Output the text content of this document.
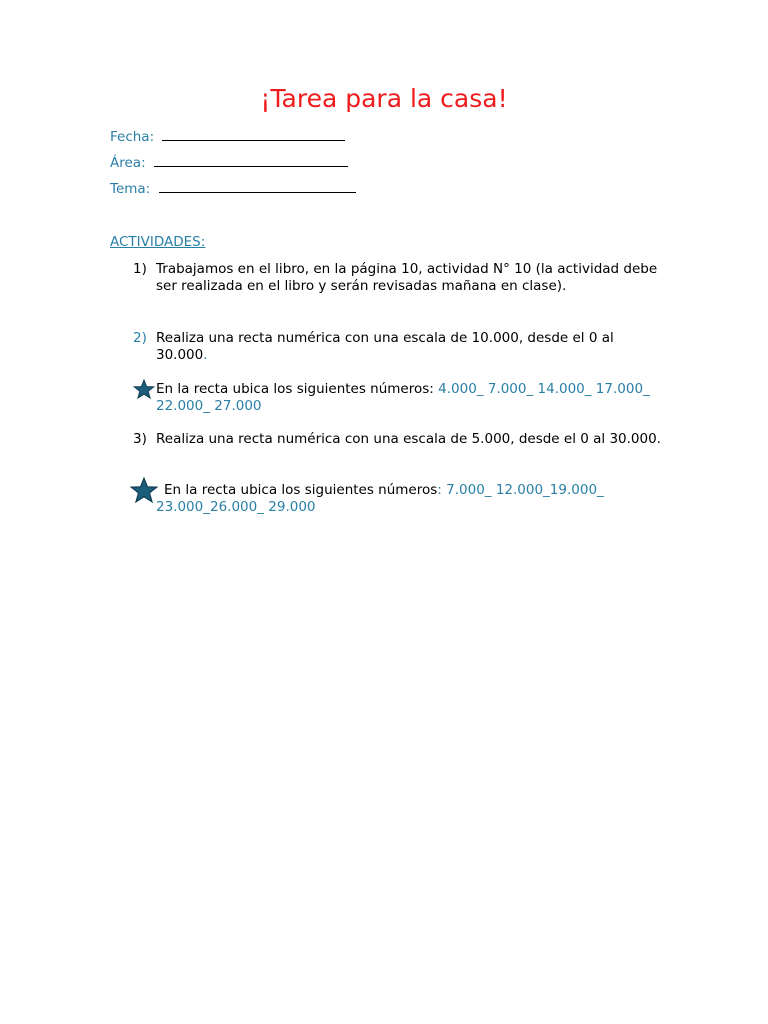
¡Tarea para la casa!
Fecha:
Área:
Tema:
ACTIVIDADES:
1) Trabajamos en el libro, en la página 10, actividad N° 10 (la actividad debe ser realizada en el libro y serán revisadas mañana en clase).
2) Realiza una recta numérica con una escala de 10.000, desde el 0 al 30.000.
En la recta ubica los siguientes números: 4.000_ 7.000_ 14.000_ 17.000_ 22.000_ 27.000
3) Realiza una recta numérica con una escala de 5.000, desde el 0 al 30.000.
En la recta ubica los siguientes números: 7.000_ 12.000_19.000_ 23.000_26.000_ 29.000
